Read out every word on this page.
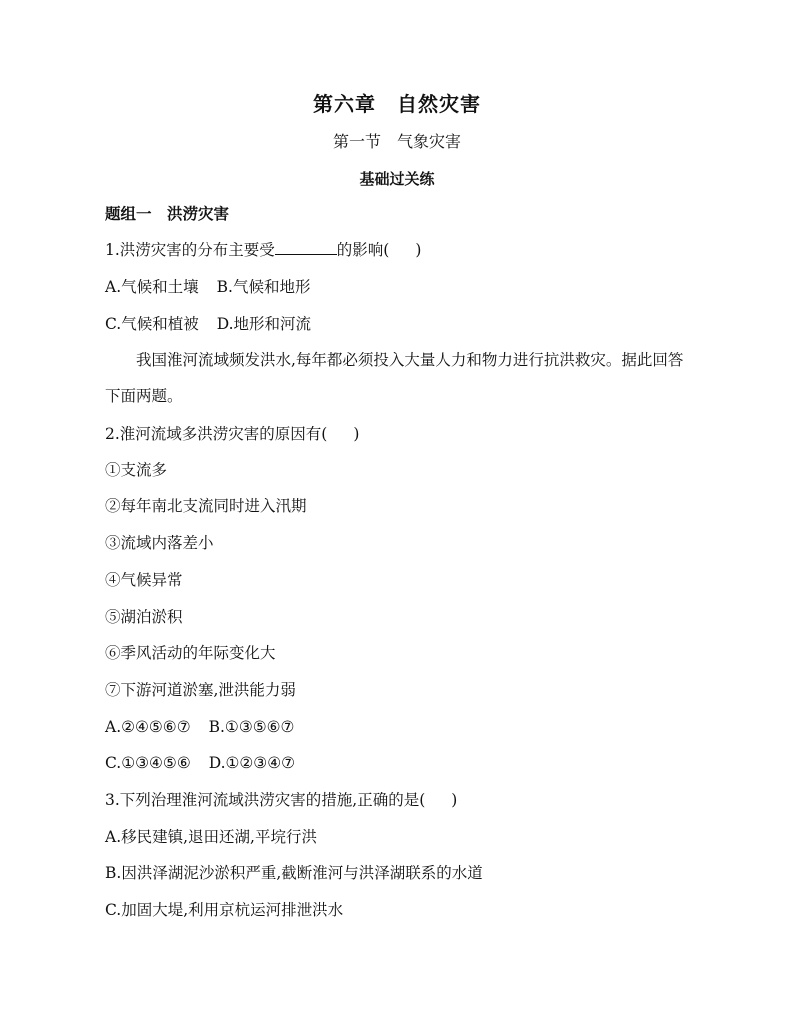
第六章　自然灾害
第一节　气象灾害
基础过关练
题组一　洪涝灾害
1.洪涝灾害的分布主要受	的影响( )
A.气候和土壤 B.气候和地形
C.气候和植被 D.地形和河流
我国淮河流域频发洪水,每年都必须投入大量人力和物力进行抗洪救灾。据此回答下面两题。
2.淮河流域多洪涝灾害的原因有( )
①支流多
②每年南北支流同时进入汛期
③流域内落差小
④气候异常
⑤湖泊淤积
⑥季风活动的年际变化大
⑦下游河道淤塞,泄洪能力弱
A.②④⑤⑥⑦ B.①③⑤⑥⑦
C.①③④⑤⑥ D.①②③④⑦
3.下列治理淮河流域洪涝灾害的措施,正确的是( )
A.移民建镇,退田还湖,平垸行洪
B.因洪泽湖泥沙淤积严重,截断淮河与洪泽湖联系的水道
C.加固大堤,利用京杭运河排泄洪水
